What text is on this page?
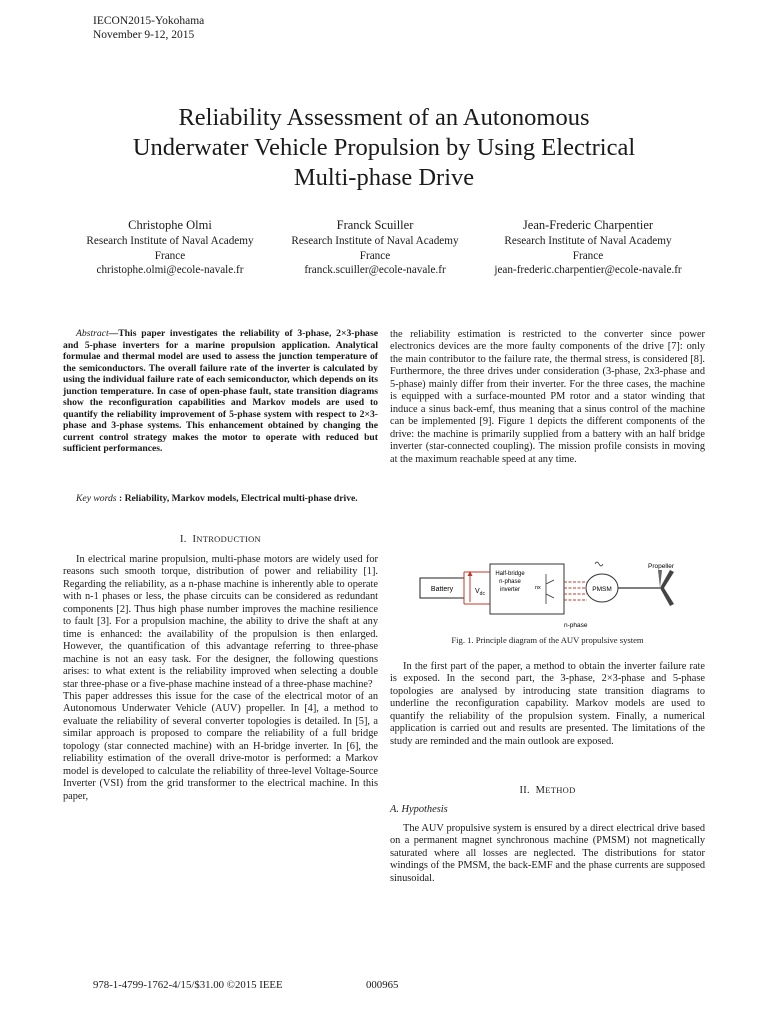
IECON2015-Yokohama
November 9-12, 2015
Reliability Assessment of an Autonomous
Underwater Vehicle Propulsion by Using Electrical
Multi-phase Drive
Christophe Olmi
Research Institute of Naval Academy
France
christophe.olmi@ecole-navale.fr
Franck Scuiller
Research Institute of Naval Academy
France
franck.scuiller@ecole-navale.fr
Jean-Frederic Charpentier
Research Institute of Naval Academy
France
jean-frederic.charpentier@ecole-navale.fr
Abstract—This paper investigates the reliability of 3-phase, 2×3-phase and 5-phase inverters for a marine propulsion application. Analytical formulae and thermal model are used to assess the junction temperature of the semiconductors. The overall failure rate of the inverter is calculated by using the individual failure rate of each semiconductor, which depends on its junction temperature. In case of open-phase fault, state transition diagrams show the reconfiguration capabilities and Markov models are used to quantify the reliability improvement of 5-phase system with respect to 2×3-phase and 3-phase systems. This enhancement obtained by changing the current control strategy makes the motor to operate with reduced but sufficient performances.
Key words : Reliability, Markov models, Electrical multi-phase drive.
I. INTRODUCTION

In electrical marine propulsion, multi-phase motors are widely used for reasons such smooth torque, distribution of power and reliability [1]. Regarding the reliability, as a n-phase machine is inherently able to operate with n-1 phases or less, the phase circuits can be considered as redundant components [2]. Thus high phase number improves the machine resilience to fault [3]. For a propulsion machine, the ability to drive the shaft at any time is enhanced: the availability of the propulsion is then enlarged. However, the quantification of this advantage referring to three-phase machine is not an easy task. For the designer, the following questions arises: to what extent is the reliability improved when selecting a double star three-phase or a five-phase machine instead of a three-phase machine?

This paper addresses this issue for the case of the electrical motor of an Autonomous Underwater Vehicle (AUV) propeller. In [4], a method to evaluate the reliability of several converter topologies is detailed. In [5], a similar approach is proposed to compare the reliability of a full bridge topology (star connected machine) with an H-bridge inverter. In [6], the reliability estimation of the overall drive-motor is performed: a Markov model is developed to calculate the reliability of three-level Voltage-Source Inverter (VSI) from the grid transformer to the electrical machine. In this paper,

the reliability estimation is restricted to the converter since power electronics devices are the more faulty components of the drive [7]: only the main contributor to the failure rate, the thermal stress, is considered [8]. Furthermore, the three drives under consideration (3-phase, 2x3-phase and 5-phase) mainly differ from their inverter. For the three cases, the machine is equipped with a surface-mounted PM rotor and a stator winding that induce a sinus back-emf, thus meaning that a sinus control of the machine can be implemented [9]. Figure 1 depicts the different components of the drive: the machine is primarily supplied from a battery with an half bridge inverter (star-connected coupling). The mission profile consists in moving at the maximum reachable speed at any time.

Battery	$V_{dc}$
Half-bridge
n-phase
inverter	nx
n-phase
PMSM
Propeller
Fig. 1. Principle diagram of the AUV propulsive system

In the first part of the paper, a method to obtain the inverter failure rate is exposed. In the second part, the 3-phase, 2×3-phase and 5-phase topologies are analysed by introducing state transition diagrams to underline the reconfiguration capability. Markov models are used to quantify the reliability of the propulsion system. Finally, a numerical application is carried out and results are presented. The limitations of the study are reminded and the main outlook are exposed.

II. METHOD
A. Hypothesis

The AUV propulsive system is ensured by a direct electrical drive based on a permanent magnet synchronous machine (PMSM) not magnetically saturated where all losses are neglected. The distributions for stator windings of the PMSM, the back-EMF and the phase currents are supposed sinusoidal.

978-1-4799-1762-4/15/$31.00 ©2015 IEEE	000965
